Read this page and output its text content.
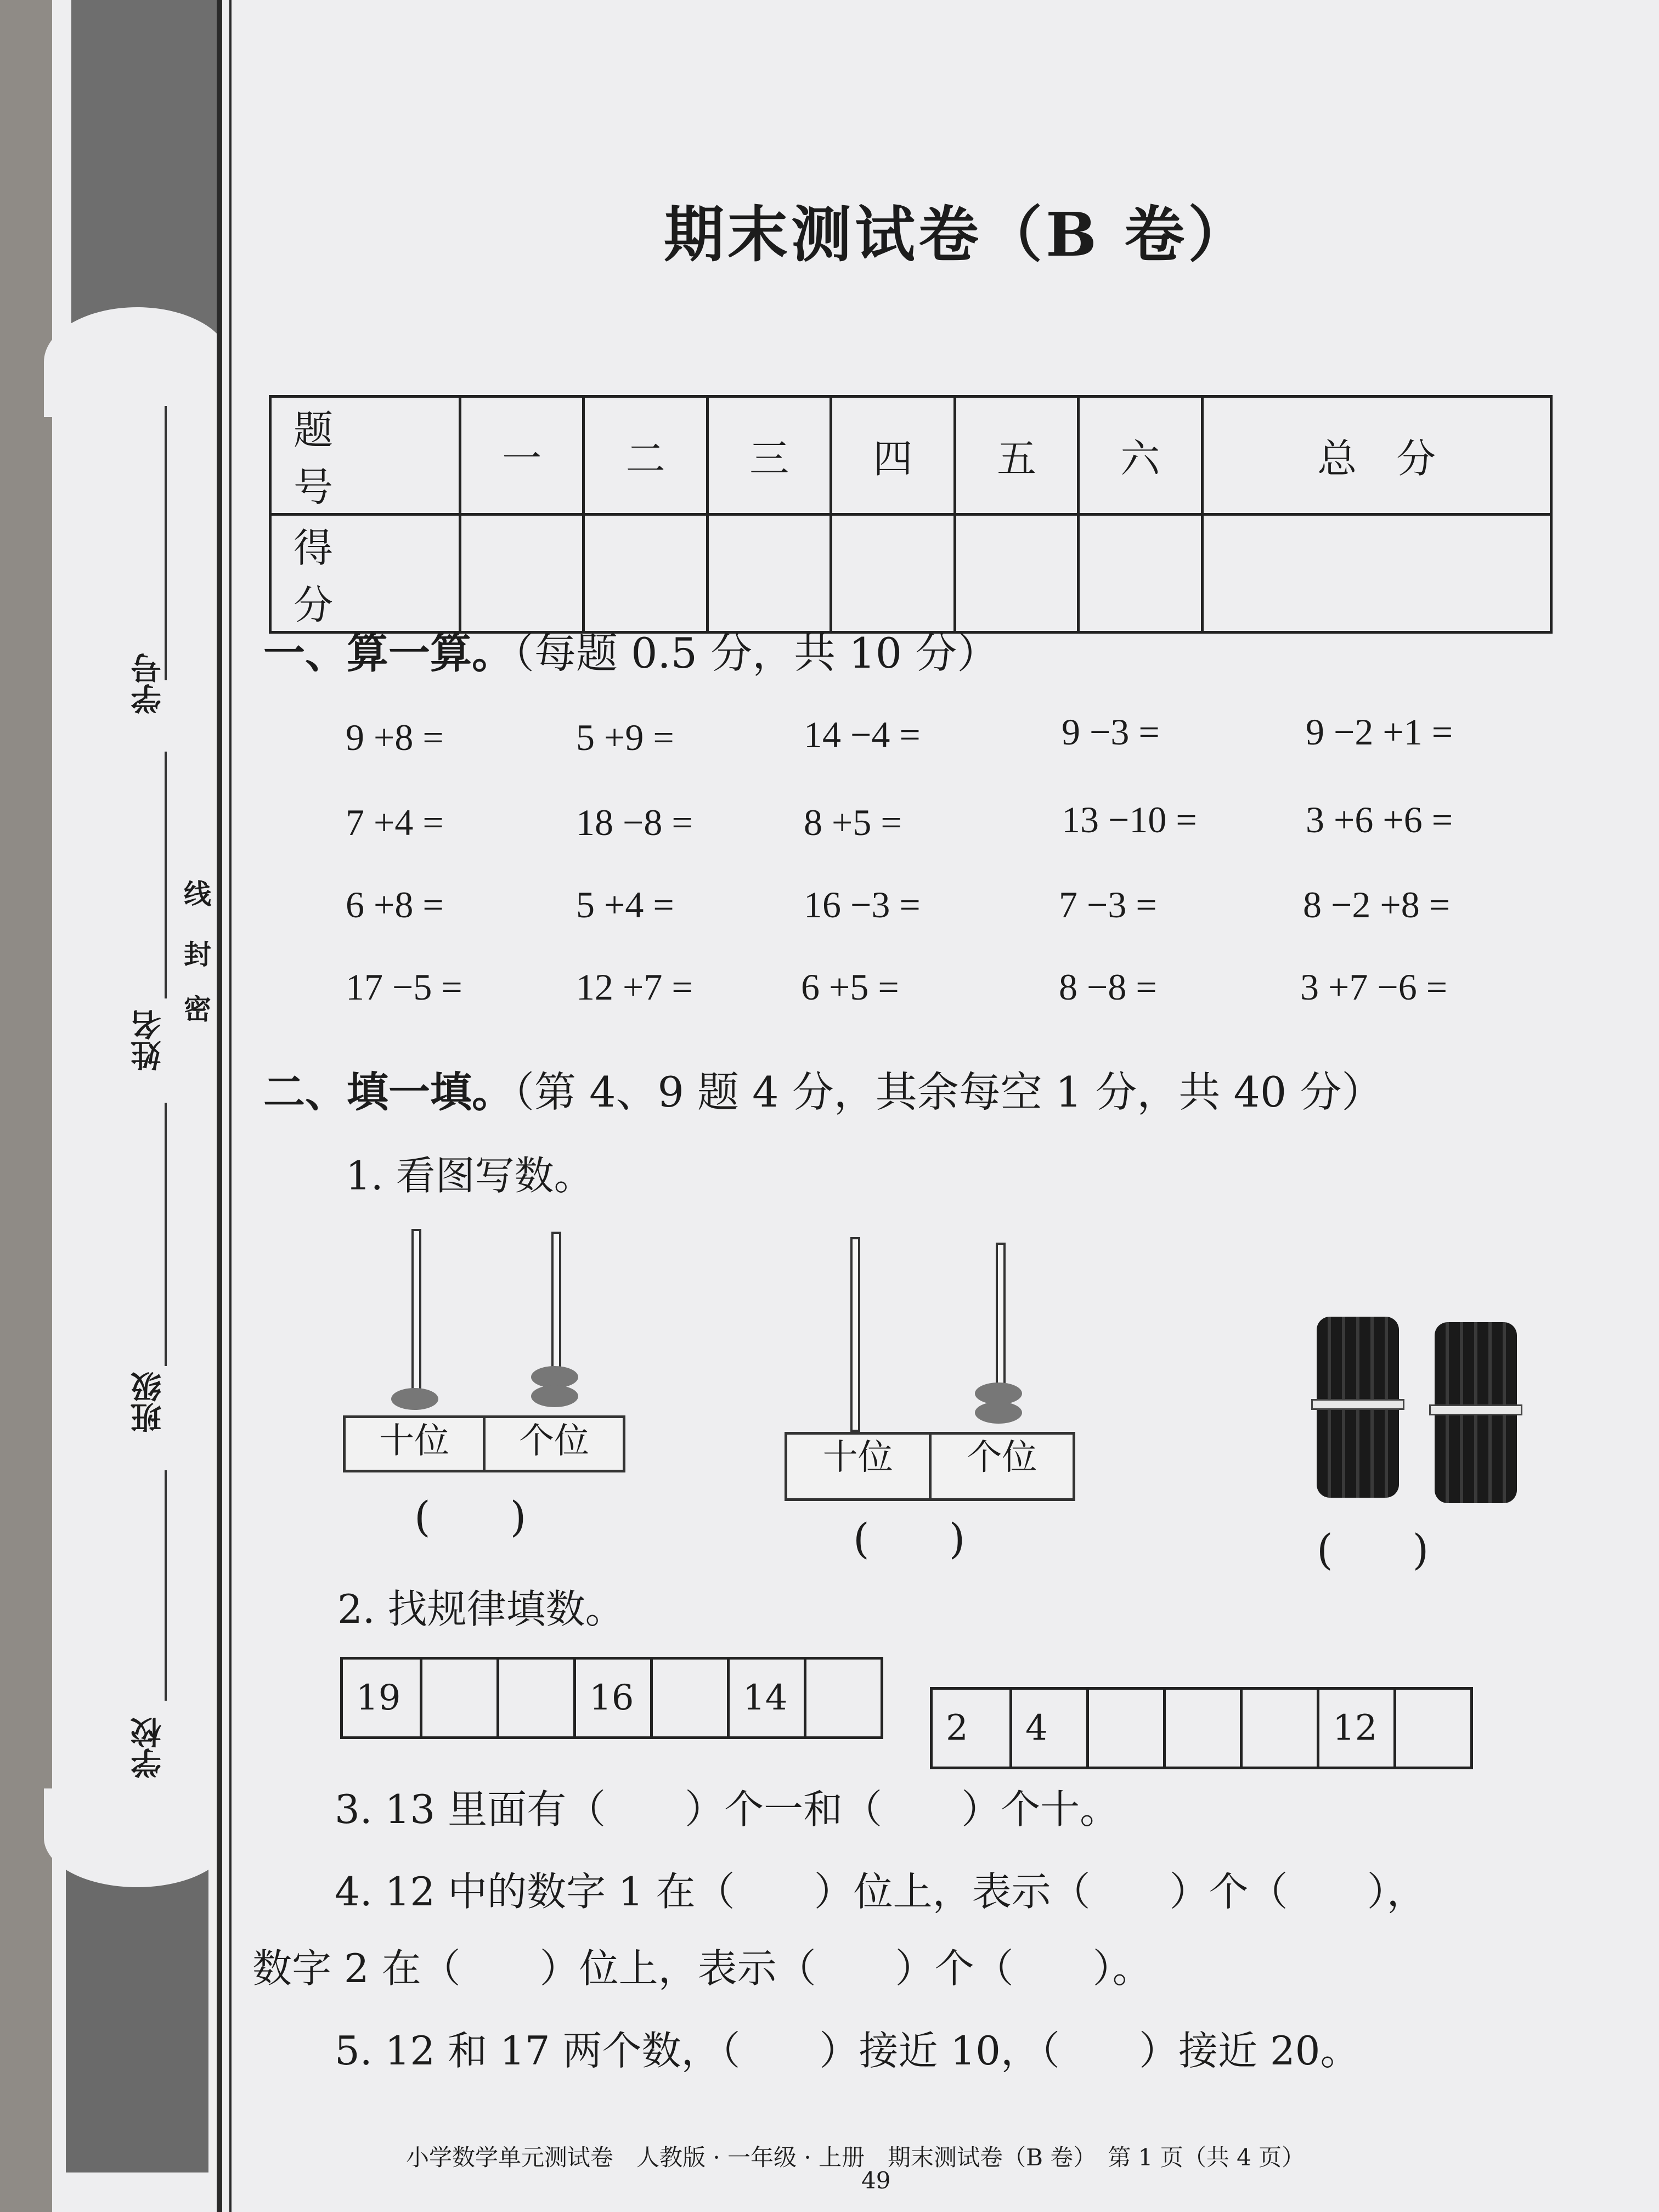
密
封
线
学号
姓名
班级
学校
期末测试卷（B 卷）
题　号	一	二	三	四	五	六	总　分
得　分							
一、算一算。（每题 0.5 分，共 10 分）
9 +8 =	5 +9 =	14 −4 =	9 −3 =	9 −2 +1 =
7 +4 =	18 −8 =	8 +5 =	13 −10 =	3 +6 +6 =
6 +8 =	5 +4 =	16 −3 =	7 −3 =	8 −2 +8 =
17 −5 =	12 +7 =	6 +5 =	8 −8 =	3 +7 −6 =
二、填一填。（第 4、9 题 4 分，其余每空 1 分，共 40 分）
1. 看图写数。
十位	个位
(      )
十位	个位
(      )	(      )
2. 找规律填数。
19	16	14
2	4	12
3. 13 里面有（　　）个一和（　　）个十。
4. 12 中的数字 1 在（　　）位上，表示（　　）个（　　），
数字 2 在（　　）位上，表示（　　）个（　　）。
5. 12 和 17 两个数，（　　）接近 10，（　　）接近 20。
小学数学单元测试卷　人教版 · 一年级 · 上册　期末测试卷（B 卷）　第 1 页（共 4 页）
49
